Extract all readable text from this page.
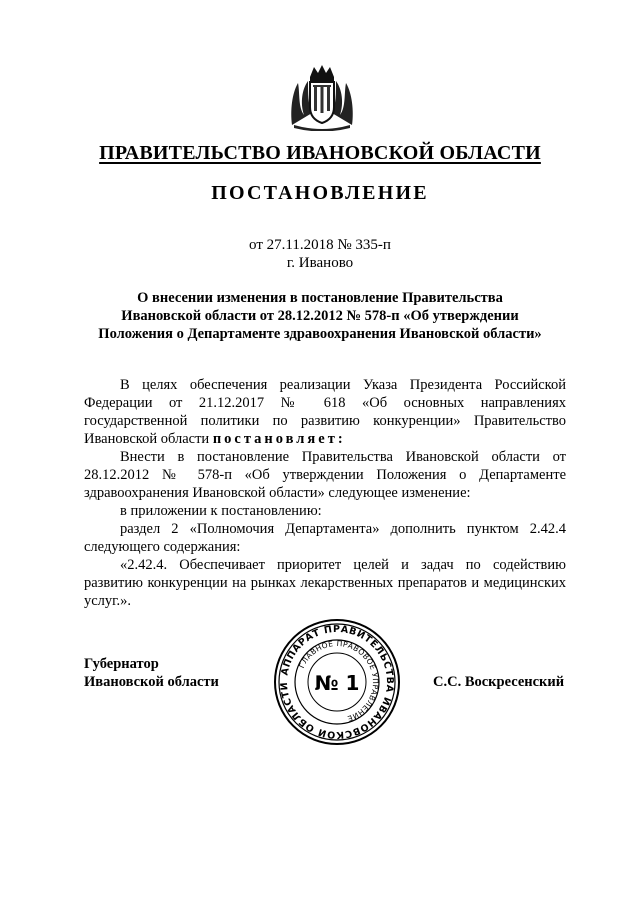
ПРАВИТЕЛЬСТВО ИВАНОВСКОЙ ОБЛАСТИ
ПОСТАНОВЛЕНИЕ
от 27.11.2018 № 335-п
г. Иваново
О внесении изменения в постановление Правительства
Ивановской области от 28.12.2012 № 578-п «Об утверждении
Положения о Департаменте здравоохранения Ивановской области»

В целях обеспечения реализации Указа Президента Российской Федерации от 21.12.2017 № 618 «Об основных направлениях государственной политики по развитию конкуренции» Правительство Ивановской области постановляет:

Внести в постановление Правительства Ивановской области от 28.12.2012 № 578-п «Об утверждении Положения о Департаменте здравоохранения Ивановской области» следующее изменение:

в приложении к постановлению:

раздел 2 «Полномочия Департамента» дополнить пунктом 2.42.4 следующего содержания:

«2.42.4. Обеспечивает приоритет целей и задач по содействию развитию конкуренции на рынках лекарственных препаратов и медицинских услуг.».

Губернатор
Ивановской области	С.С. Воскресенский
АППАРАТ ПРАВИТЕЛЬСТВА ИВАНОВСКОЙ ОБЛАСТИ
ГЛАВНОЕ ПРАВОВОЕ УПРАВЛЕНИЕ
№ 1
